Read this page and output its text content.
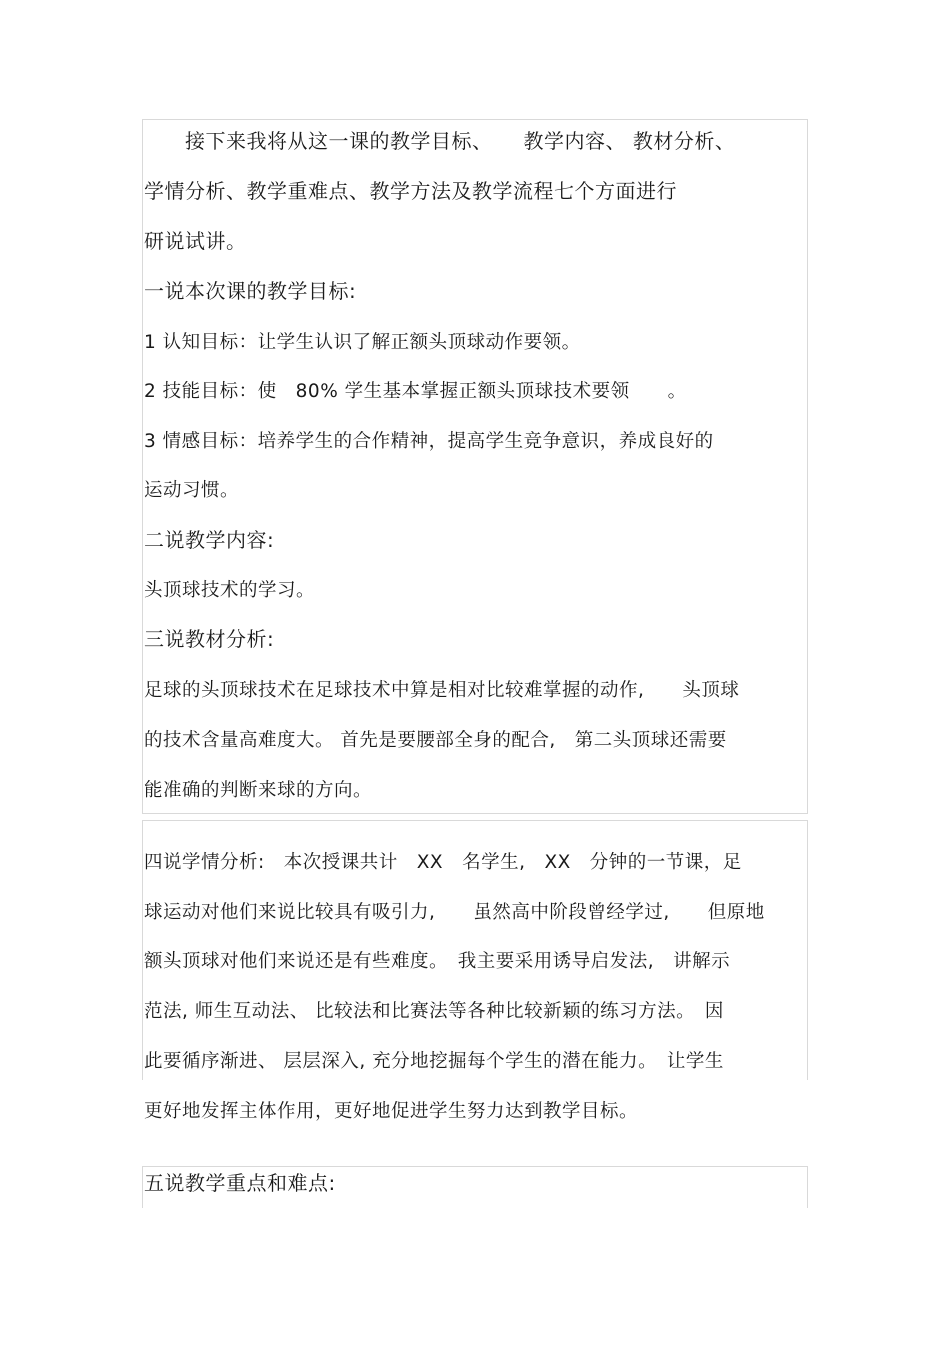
　　接下来我将从这一课的教学目标、　　教学内容、 教材分析、
学情分析、教学重难点、教学方法及教学流程七个方面进行
研说试讲。
一说本次课的教学目标:
1 认知目标：让学生认识了解正额头顶球动作要领。
2 技能目标：使　80% 学生基本掌握正额头顶球技术要领　　。
3 情感目标：培养学生的合作精神，提高学生竞争意识，养成良好的
运动习惯。
二说教学内容:
头顶球技术的学习。
三说教材分析:
足球的头顶球技术在足球技术中算是相对比较难掌握的动作,　　头顶球
的技术含量高难度大。 首先是要腰部全身的配合,　第二头顶球还需要
能准确的判断来球的方向。
四说学情分析:　本次授课共计　XX　名学生,　XX　分钟的一节课，足
球运动对他们来说比较具有吸引力,　　虽然高中阶段曾经学过,　　但原地
额头顶球对他们来说还是有些难度。　我主要采用诱导启发法,　讲解示
范法, 师生互动法、 比较法和比赛法等各种比较新颖的练习方法。　因
此要循序渐进、 层层深入, 充分地挖掘每个学生的潜在能力。　让学生
更好地发挥主体作用，更好地促进学生努力达到教学目标。
五说教学重点和难点:
